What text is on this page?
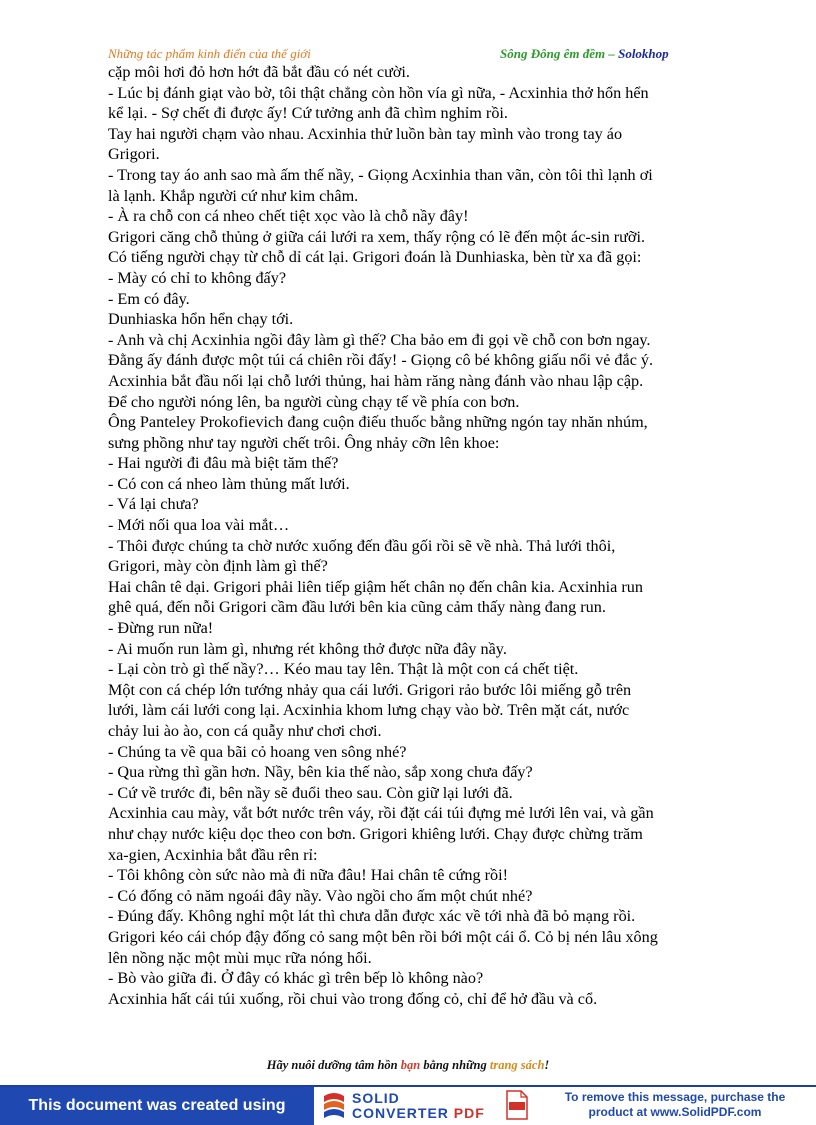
Những tác phẩm kinh điển của thế giới	Sông Đông êm đềm – Solokhop
cặp môi hơi đỏ hơn hớt đã bắt đầu có nét cười.
- Lúc bị đánh giạt vào bờ, tôi thật chẳng còn hồn vía gì nữa, - Acxinhia thở hổn hển
kể lại. - Sợ chết đi được ấy! Cứ tưởng anh đã chìm nghỉm rồi.
Tay hai người chạm vào nhau. Acxinhia thử luồn bàn tay mình vào trong tay áo
Grigori.
- Trong tay áo anh sao mà ấm thế nầy, - Giọng Acxinhia than vãn, còn tôi thì lạnh ơi
là lạnh. Khắp người cứ như kim châm.
- À ra chỗ con cá nheo chết tiệt xọc vào là chỗ nầy đây!
Grigori căng chỗ thủng ở giữa cái lưới ra xem, thấy rộng có lẽ đến một ác-sin rưỡi.
Có tiếng người chạy từ chỗ dỉ cát lại. Grigori đoán là Dunhiaska, bèn từ xa đã gọi:
- Mày có chỉ to không đấy?
- Em có đây.
Dunhiaska hổn hển chạy tới.
- Anh và chị Acxinhia ngồi đây làm gì thế? Cha bảo em đi gọi về chỗ con bơn ngay.
Đằng ấy đánh được một túi cá chiên rồi đấy! - Giọng cô bé không giấu nổi vẻ đắc ý.
Acxinhia bắt đầu nối lại chỗ lưới thủng, hai hàm răng nàng đánh vào nhau lập cập.
Để cho người nóng lên, ba người cùng chạy tế về phía con bơn.
Ông Panteley Prokofievich đang cuộn điếu thuốc bằng những ngón tay nhăn nhúm,
sưng phồng như tay người chết trôi. Ông nhảy cỡn lên khoe:
- Hai người đi đâu mà biệt tăm thế?
- Có con cá nheo làm thủng mất lưới.
- Vá lại chưa?
- Mới nối qua loa vài mắt…
- Thôi được chúng ta chờ nước xuống đến đầu gối rồi sẽ về nhà. Thả lưới thôi,
Grigori, mày còn định làm gì thế?
Hai chân tê dại. Grigori phải liên tiếp giậm hết chân nọ đến chân kia. Acxinhia run
ghê quá, đến nỗi Grigori cầm đầu lưới bên kia cũng cảm thấy nàng đang run.
- Đừng run nữa!
- Ai muốn run làm gì, nhưng rét không thở được nữa đây nầy.
- Lại còn trò gì thế nầy?… Kéo mau tay lên. Thật là một con cá chết tiệt.
Một con cá chép lớn tướng nhảy qua cái lưới. Grigori rảo bước lôi miếng gỗ trên
lưới, làm cái lưới cong lại. Acxinhia khom lưng chạy vào bờ. Trên mặt cát, nước
chảy lui ào ào, con cá quẫy như chơi chơi.
- Chúng ta về qua bãi cỏ hoang ven sông nhé?
- Qua rừng thì gần hơn. Nầy, bên kia thế nào, sắp xong chưa đấy?
- Cứ về trước đi, bên nầy sẽ đuổi theo sau. Còn giữ lại lưới đã.
Acxinhia cau mày, vắt bớt nước trên váy, rồi đặt cái túi đựng mẻ lưới lên vai, và gần
như chạy nước kiệu dọc theo con bơn. Grigori khiêng lưới. Chạy được chừng trăm
xa-gien, Acxinhia bắt đầu rên rỉ:
- Tôi không còn sức nào mà đi nữa đâu! Hai chân tê cứng rồi!
- Có đống cỏ năm ngoái đây nầy. Vào ngồi cho ấm một chút nhé?
- Đúng đấy. Không nghỉ một lát thì chưa dẫn được xác về tới nhà đã bỏ mạng rồi.
Grigori kéo cái chóp đậy đống cỏ sang một bên rồi bới một cái ổ. Cỏ bị nén lâu xông
lên nồng nặc một mùi mục rữa nóng hổi.
- Bò vào giữa đi. Ở đây có khác gì trên bếp lò không nào?
Acxinhia hất cái túi xuống, rồi chui vào trong đống cỏ, chỉ để hở đầu và cổ.
Hãy nuôi dưỡng tâm hồn bạn bằng những trang sách!
This document was created using	SOLID
CONVERTER PDF
To remove this message, purchase the
product at www.SolidPDF.com
